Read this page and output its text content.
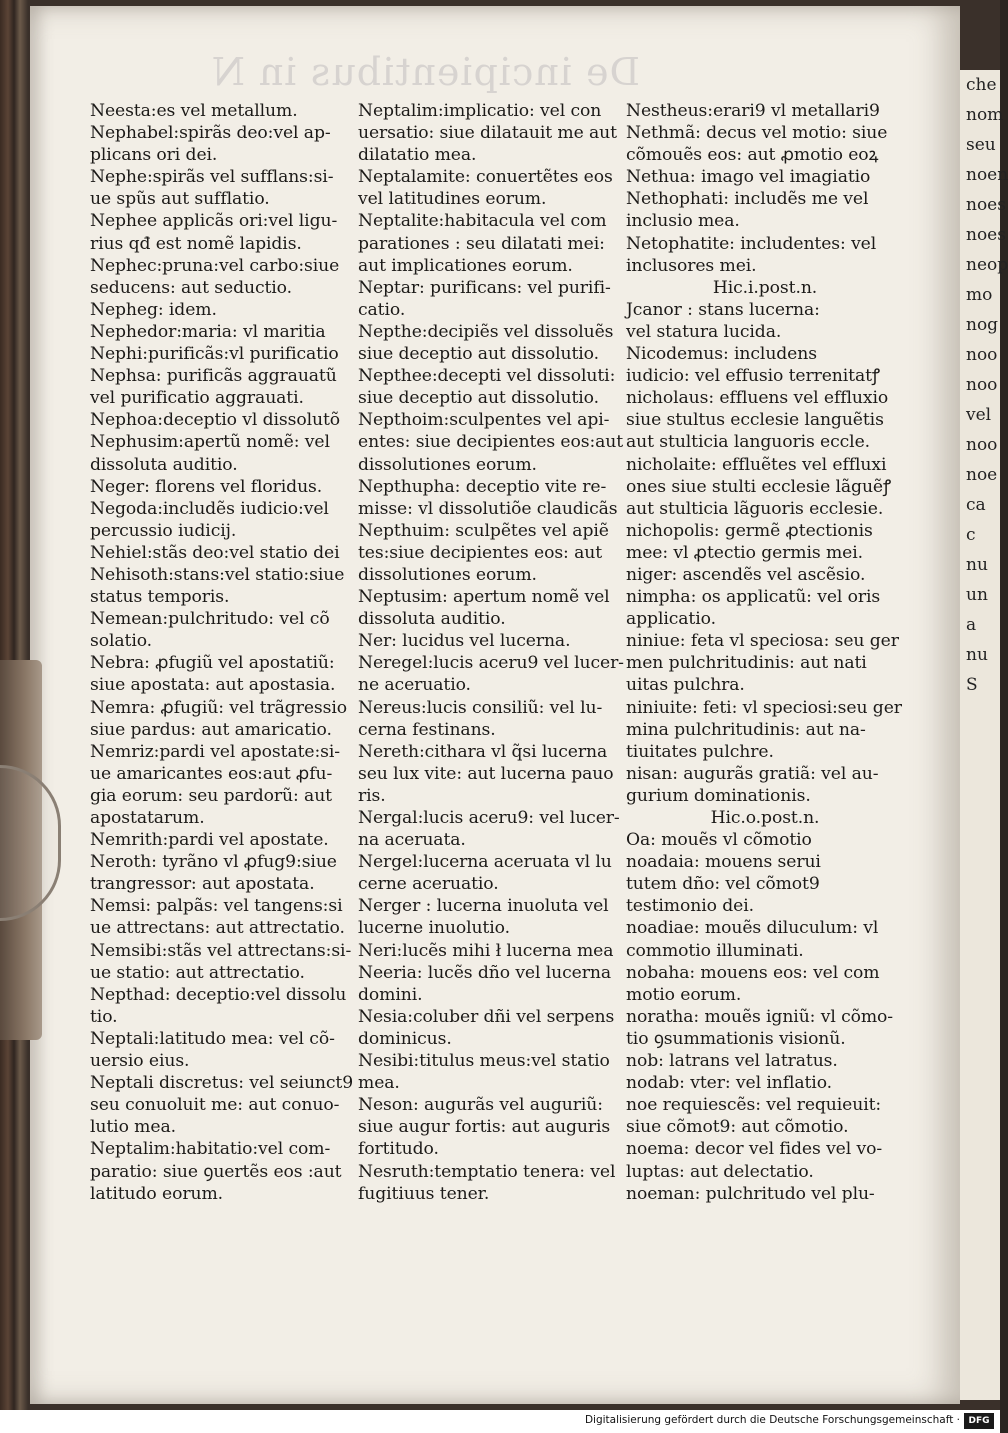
De incipientibus in N
Neesta:es vel metallum.
Nephabel:spirãs deo:vel ap-
plicans ori dei.
Nephe:spirãs vel sufflans:si-
ue spũs aut sufflatio.
Nephee applicãs ori:vel ligu-
rius qđ est nomẽ lapidis.
Nephec:pruna:vel carbo:siue
seducens: aut seductio.
Nepheg: idem.
Nephedor:maria: vl maritia
Nephi:purificãs:vl purificatio
Nephsa: purificãs aggrauatũ
vel purificatio aggrauati.
Nephoa:deceptio vl dissolutõ
Nephusim:apertũ nomẽ: vel
dissoluta auditio.
Neger: florens vel floridus.
Negoda:includẽs iudicio:vel
percussio iudicij.
Nehiel:stãs deo:vel statio dei
Nehisoth:stans:vel statio:siue
status temporis.
Nemean:pulchritudo: vel cõ
solatio.
Nebra: ꝓfugiũ vel apostatiũ:
siue apostata: aut apostasia.
Nemra: ꝓfugiũ: vel trãgressio
siue pardus: aut amaricatio.
Nemriz:pardi vel apostate:si-
ue amaricantes eos:aut ꝓfu-
gia eorum: seu pardorũ: aut
apostatarum.
Nemrith:pardi vel apostate.
Neroth: tyrãno vl ꝓfug9:siue
trangressor: aut apostata.
Nemsi: palpãs: vel tangens:si
ue attrectans: aut attrectatio.
Nemsibi:stãs vel attrectans:si-
ue statio: aut attrectatio.
Nepthad: deceptio:vel dissolu
tio.
Neptali:latitudo mea: vel cõ-
uersio eius.
Neptali discretus: vel seiunct9
seu conuoluit me: aut conuo-
lutio mea.
Neptalim:habitatio:vel com-
paratio: siue ꝯuertẽs eos :aut
latitudo eorum.
Neptalim:implicatio: vel con
uersatio: siue dilatauit me aut
dilatatio mea.
Neptalamite: conuertẽtes eos
vel latitudines eorum.
Neptalite:habitacula vel com
parationes : seu dilatati mei:
aut implicationes eorum.
Neptar: purificans: vel purifi-
catio.
Nepthe:decipiẽs vel dissoluẽs
siue deceptio aut dissolutio.
Nepthee:decepti vel dissoluti:
siue deceptio aut dissolutio.
Nepthoim:sculpentes vel api-
entes: siue decipientes eos:aut
dissolutiones eorum.
Nepthupha: deceptio vite re-
misse: vl dissolutiõe claudicãs
Nepthuim: sculpẽtes vel apiẽ
tes:siue decipientes eos: aut
dissolutiones eorum.
Neptusim: apertum nomẽ vel
dissoluta auditio.
Ner: lucidus vel lucerna.
Neregel:lucis aceru9 vel lucer-
ne aceruatio.
Nereus:lucis consiliũ: vel lu-
cerna festinans.
Nereth:cithara vl q̃si lucerna
seu lux vite: aut lucerna pauo
ris.
Nergal:lucis aceru9: vel lucer-
na aceruata.
Nergel:lucerna aceruata vl lu
cerne aceruatio.
Nerger : lucerna inuoluta vel
lucerne inuolutio.
Neri:lucẽs mihi ł lucerna mea
Neeria: lucẽs dño vel lucerna
domini.
Nesia:coluber dñi vel serpens
dominicus.
Nesibi:titulus meus:vel statio
mea.
Neson: augurãs vel auguriũ:
siue augur fortis: aut auguris
fortitudo.
Nesruth:temptatio tenera: vel
fugitiuus tener.
Nestheus:erari9 vl metallari9
Nethmã: decus vel motio: siue
cõmouẽs eos: aut ꝓmotio eoꝝ
Nethua: imago vel imagiatio
Nethophati: includẽs me vel
inclusio mea.
Netophatite: includentes: vel
inclusores mei.
Hic.i.post.n.
Jcanor : stans lucerna:
vel statura lucida.
Nicodemus: includens
iudicio: vel effusio terrenitatꝭ
nicholaus: effluens vel effluxio
siue stultus ecclesie languẽtis
aut stulticia languoris eccle.
nicholaite: effluẽtes vel effluxi
ones siue stulti ecclesie lãguẽꝭ
aut stulticia lãguoris ecclesie.
nichopolis: germẽ ꝓtectionis
mee: vl ꝓtectio germis mei.
niger: ascendẽs vel ascẽsio.
nimpha: os applicatũ: vel oris
applicatio.
niniue: feta vl speciosa: seu ger
men pulchritudinis: aut nati
uitas pulchra.
niniuite: feti: vl speciosi:seu ger
mina pulchritudinis: aut na-
tiuitates pulchre.
nisan: augurãs gratiã: vel au-
gurium dominationis.
Hic.o.post.n.
Oa: mouẽs vl cõmotio
noadaia: mouens serui
tutem dño: vel cõmot9
testimonio dei.
noadiae: mouẽs diluculum: vl
commotio illuminati.
nobaha: mouens eos: vel com
motio eorum.
noratha: mouẽs igniũ: vl cõmo-
tio ꝯsummationis visionũ.
nob: latrans vel latratus.
nodab: vter: vel inflatio.
noe requiescẽs: vel requieuit:
siue cõmot9: aut cõmotio.
noema: decor vel fides vel vo-
luptas: aut delectatio.
noeman: pulchritudo vel plu-
che
nom
seu
noen
noes
noes
neop
mo
nog
noo
noo
vel
noo
noe
ca
c
nu
un
a
nu
S
Digitalisierung gefördert durch die Deutsche Forschungsgemeinschaft · DFG
